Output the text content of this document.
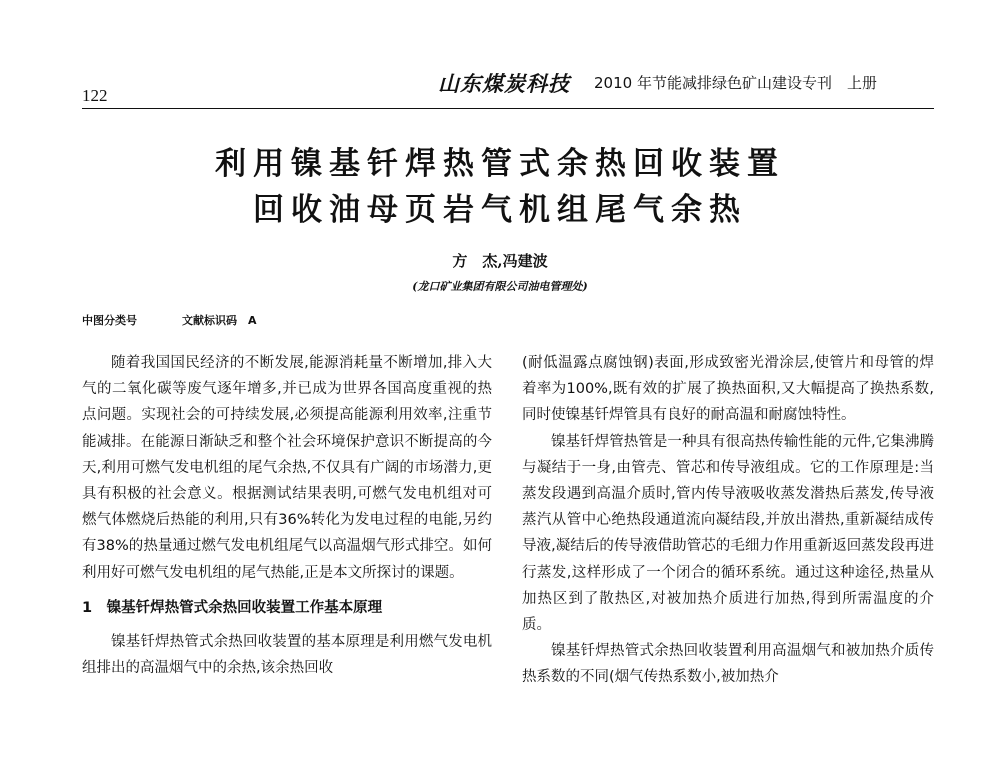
122	山东煤炭科技 2010 年节能减排绿色矿山建设专刊　上册
利用镍基钎焊热管式余热回收装置
回收油母页岩气机组尾气余热
方　杰,冯建波
(龙口矿业集团有限公司油电管理处)
中图分类号	文献标识码　A

随着我国国民经济的不断发展,能源消耗量不断增加,排入大气的二氧化碳等废气逐年增多,并已成为世界各国高度重视的热点问题。实现社会的可持续发展,必须提高能源利用效率,注重节能减排。在能源日渐缺乏和整个社会环境保护意识不断提高的今天,利用可燃气发电机组的尾气余热,不仅具有广阔的市场潜力,更具有积极的社会意义。根据测试结果表明,可燃气发电机组对可燃气体燃烧后热能的利用,只有36%转化为发电过程的电能,另约有38%的热量通过燃气发电机组尾气以高温烟气形式排空。如何利用好可燃气发电机组的尾气热能,正是本文所探讨的课题。

1　镍基钎焊热管式余热回收装置工作基本原理

镍基钎焊热管式余热回收装置的基本原理是利用燃气发电机组排出的高温烟气中的余热,该余热回收

(耐低温露点腐蚀钢)表面,形成致密光滑涂层,使管片和母管的焊着率为100%,既有效的扩展了换热面积,又大幅提高了换热系数,同时使镍基钎焊管具有良好的耐高温和耐腐蚀特性。

镍基钎焊管热管是一种具有很高热传输性能的元件,它集沸腾与凝结于一身,由管壳、管芯和传导液组成。它的工作原理是:当蒸发段遇到高温介质时,管内传导液吸收蒸发潜热后蒸发,传导液蒸汽从管中心绝热段通道流向凝结段,并放出潜热,重新凝结成传导液,凝结后的传导液借助管芯的毛细力作用重新返回蒸发段再进行蒸发,这样形成了一个闭合的循环系统。通过这种途径,热量从加热区到了散热区,对被加热介质进行加热,得到所需温度的介质。

镍基钎焊热管式余热回收装置利用高温烟气和被加热介质传热系数的不同(烟气传热系数小,被加热介
